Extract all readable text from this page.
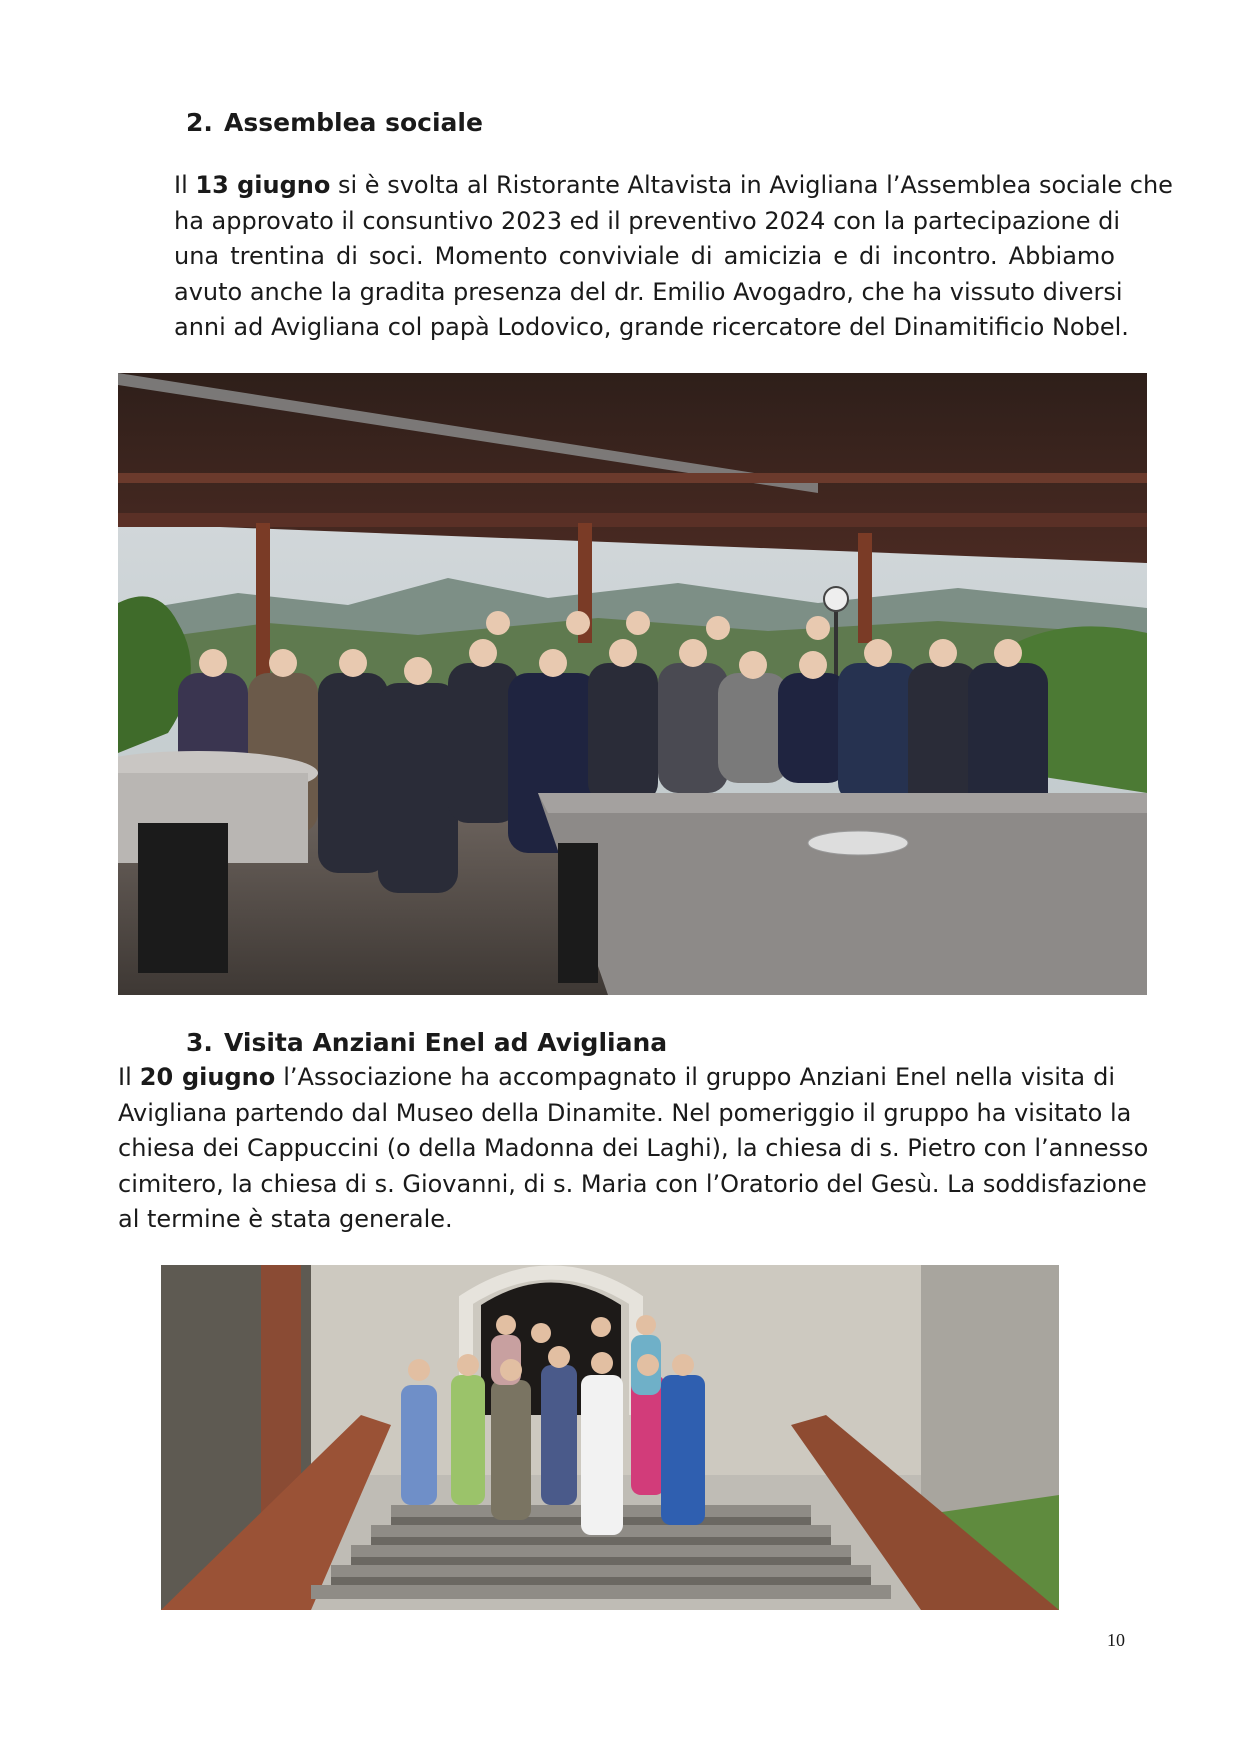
2. Assemblea sociale
Il 13 giugno si è svolta al Ristorante Altavista in Avigliana l’Assemblea sociale che
ha approvato il consuntivo 2023 ed il preventivo 2024 con la partecipazione di
una trentina di soci. Momento conviviale di amicizia e di incontro. Abbiamo
avuto anche la gradita presenza del dr. Emilio Avogadro, che ha vissuto diversi
anni ad Avigliana col papà Lodovico, grande ricercatore del Dinamitificio Nobel.
3. Visita Anziani Enel ad Avigliana
Il 20 giugno l’Associazione ha accompagnato il gruppo Anziani Enel nella visita di
Avigliana partendo dal Museo della Dinamite. Nel pomeriggio il gruppo ha visitato la
chiesa dei Cappuccini (o della Madonna dei Laghi), la chiesa di s. Pietro con l’annesso
cimitero, la chiesa di s. Giovanni, di s. Maria con l’Oratorio del Gesù. La soddisfazione
al termine è stata generale.
10
